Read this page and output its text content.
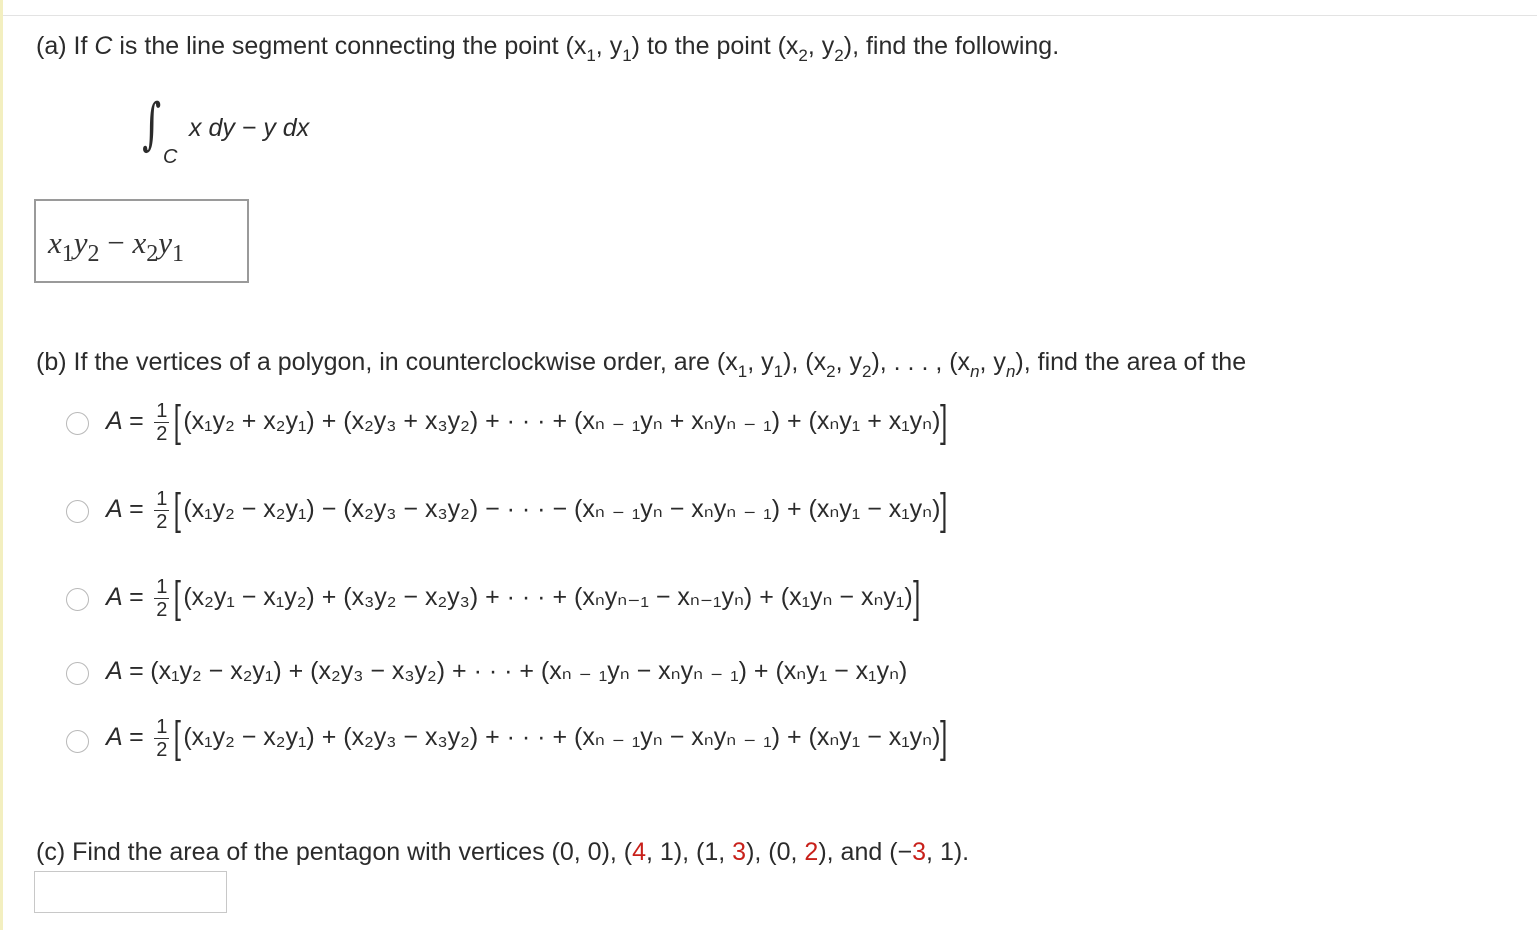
(a) If C is the line segment connecting the point ($x_1$, $y_1$) to the point ($x_2$, $y_2$), find the following.
∫ C
x dy − y dx
$x_1y_2 - x_2y_1$
(b) If the vertices of a polygon, in counterclockwise order, are ($x_1$, $y_1$), ($x_2$, $y_2$), . . . , ($x_n$, $y_n$), find the area of the
$A = \frac{1}{2} [(x_1y_2 + x_2y_1) + (x_2y_3 + x_3y_2)$ + · · · + (xₙ ₋ ₁yₙ + xₙyₙ ₋ ₁) + (xₙy₁ + x₁yₙ)]
$A = \frac{1}{2} [(x_1y_2 - x_2y_1) - (x_2y_3 - x_3y_2)$ − · · · − (xₙ ₋ ₁yₙ − xₙyₙ ₋ ₁) + (xₙy₁ − x₁yₙ)]
$A = \frac{1}{2} [(x_2y_1 - x_1y_2) + (x_3y_2 - x_2y_3)$ + · · · + (xₙyₙ₋₁ − xₙ₋₁yₙ) + (x₁yₙ − xₙy₁)]
A = (x₁y₂ − x₂y₁) + (x₂y₃ − x₃y₂) + · · · + (xₙ ₋ ₁yₙ − xₙyₙ ₋ ₁) + (xₙy₁ − x₁yₙ)
$A = \frac{1}{2} [(x_1y_2 - x_2y_1) + (x_2y_3 - x_3y_2)$ + · · · + (xₙ ₋ ₁yₙ − xₙyₙ ₋ ₁) + (xₙy₁ − x₁yₙ)]
(c) Find the area of the pentagon with vertices (0, 0), (4, 1), (1, 3), (0, 2), and (−3, 1).
